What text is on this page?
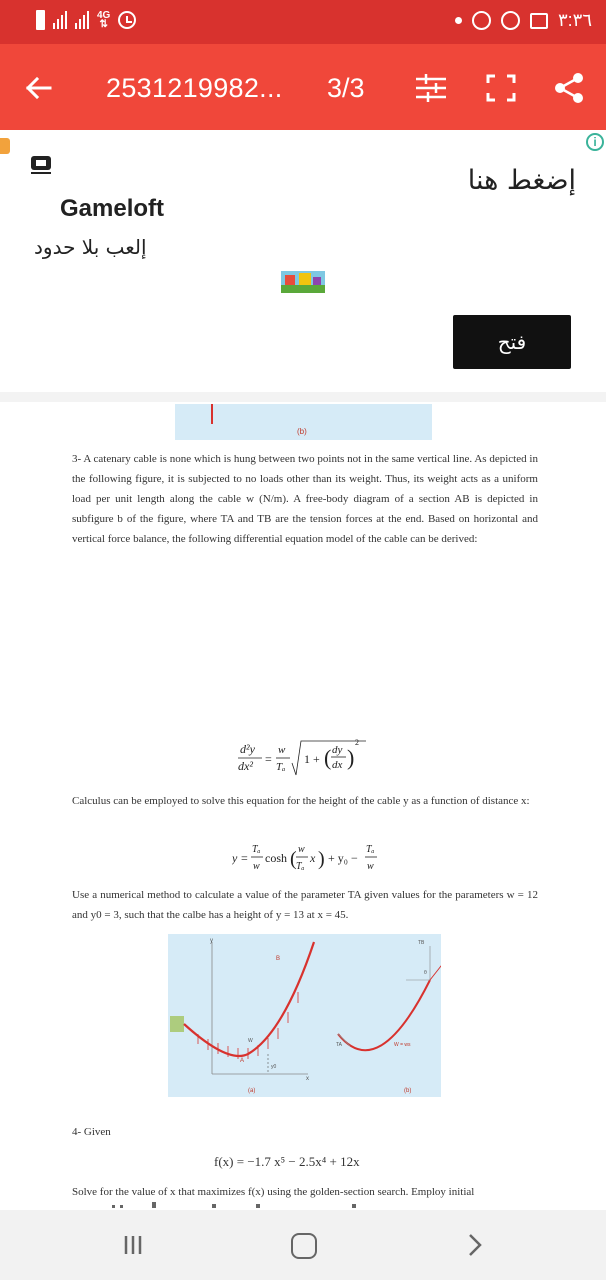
4G
⇅	٣:٣٦
2531219982... 3/3
i
إضغط هنا
Gameloft
إلعب بلا حدود
فتح
(b)

3- A catenary cable is none which is hung between two points not in the same vertical line. As depicted in the following figure, it is subjected to no loads other than its weight. Thus, its weight acts as a uniform load per unit length along the cable w (N/m). A free-body diagram of a section AB is depicted in subfigure b of the figure, where TA and TB are the tension forces at the end. Based on horizontal and vertical force balance, the following differential equation model of the cable can be derived:

d²y
dx² =
w
Tₐ
1 + ( dy
dx )
2

Calculus can be employed to solve this equation for the height of the cable y as a function of distance x:

y =
Tₐ
w
cosh ( w
Tₐ
x ) + y₀ −
Tₐ
w

Use a numerical method to calculate a value of the parameter TA given values for the parameters w = 12 and y0 = 3, such that the calbe has a height of y = 13 at x = 45.

(a)	(b)
B
A
W
TB
TA	W = ws
y
x
y0
θ
4- Given
f(x) = −1.7 x⁵ − 2.5x⁴ + 12x

Solve for the value of x that maximizes f(x) using the golden-section search. Employ initial
